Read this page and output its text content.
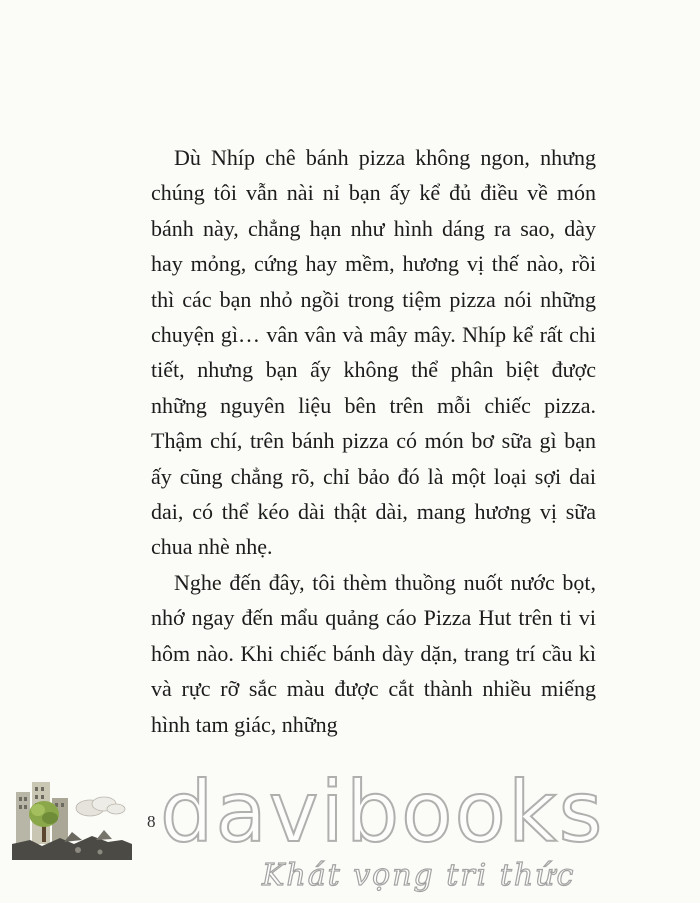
Dù Nhíp chê bánh pizza không ngon, nhưng chúng tôi vẫn nài nỉ bạn ấy kể đủ điều về món bánh này, chẳng hạn như hình dáng ra sao, dày hay mỏng, cứng hay mềm, hương vị thế nào, rồi thì các bạn nhỏ ngồi trong tiệm pizza nói những chuyện gì… vân vân và mây mây. Nhíp kể rất chi tiết, nhưng bạn ấy không thể phân biệt được những nguyên liệu bên trên mỗi chiếc pizza. Thậm chí, trên bánh pizza có món bơ sữa gì bạn ấy cũng chẳng rõ, chỉ bảo đó là một loại sợi dai dai, có thể kéo dài thật dài, mang hương vị sữa chua nhè nhẹ.

Nghe đến đây, tôi thèm thuồng nuốt nước bọt, nhớ ngay đến mẩu quảng cáo Pizza Hut trên ti vi hôm nào. Khi chiếc bánh dày dặn, trang trí cầu kì và rực rỡ sắc màu được cắt thành nhiều miếng hình tam giác, những

8 davibooks
Khát vọng tri thức
